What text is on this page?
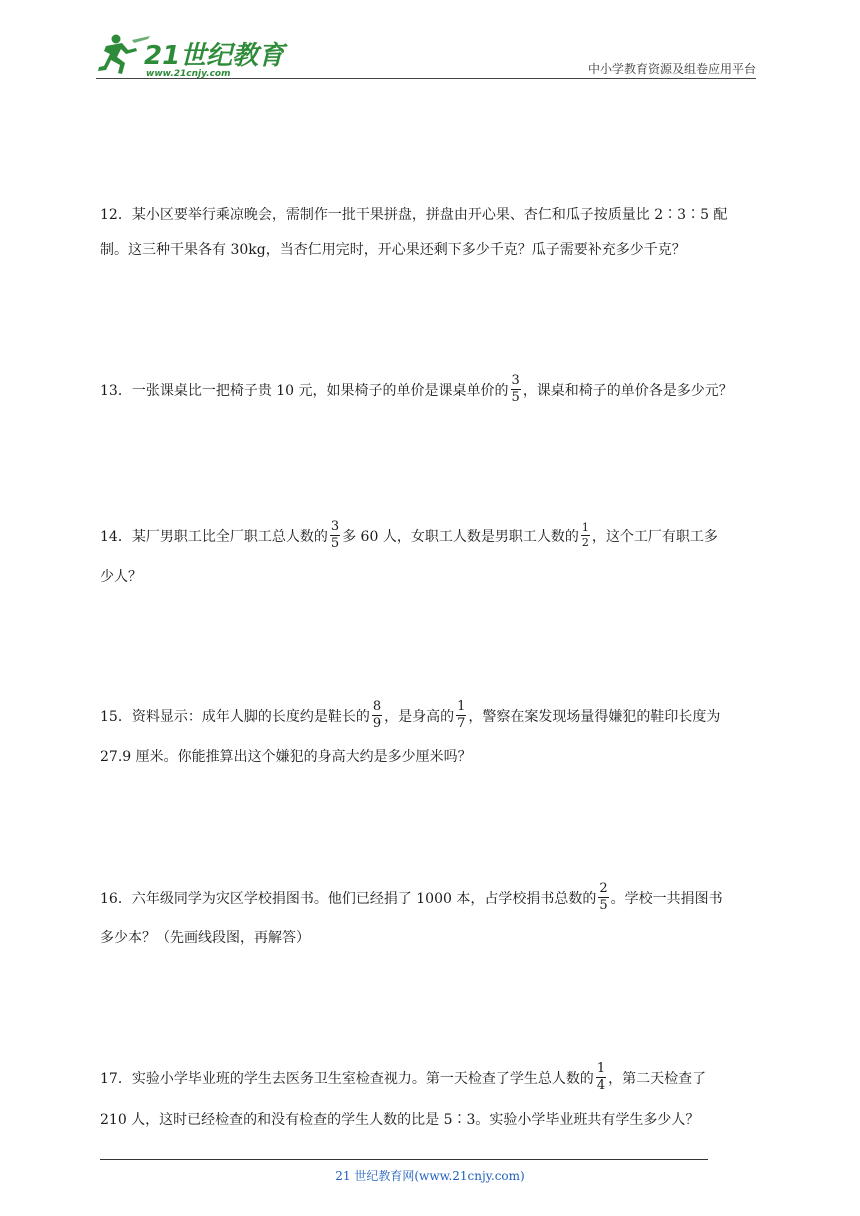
21世纪教育
www.21cnjy.com	中小学教育资源及组卷应用平台
12．某小区要举行乘凉晚会，需制作一批干果拼盘，拼盘由开心果、杏仁和瓜子按质量比 2∶3∶5 配
制。这三种干果各有 30kg，当杏仁用完时，开心果还剩下多少千克？瓜子需要补充多少千克？
13．一张课桌比一把椅子贵 10 元，如果椅子的单价是课桌单价的 $\frac{3}{5}$ ，课桌和椅子的单价各是多少元？
14．某厂男职工比全厂职工总人数的 $\frac{3}{5}$ 多 60 人，女职工人数是男职工人数的 $\frac{1}{2}$ ，这个工厂有职工多
少人？
15．资料显示：成年人脚的长度约是鞋长的 $\frac{8}{9}$ ，是身高的 $\frac{1}{7}$ ，警察在案发现场量得嫌犯的鞋印长度为
27.9 厘米。你能推算出这个嫌犯的身高大约是多少厘米吗？
16．六年级同学为灾区学校捐图书。他们已经捐了 1000 本，占学校捐书总数的 $\frac{2}{5}$ 。学校一共捐图书
多少本？（先画线段图，再解答）
17．实验小学毕业班的学生去医务卫生室检查视力。第一天检查了学生总人数的 $\frac{1}{4}$ ，第二天检查了
210 人，这时已经检查的和没有检查的学生人数的比是 5∶3。实验小学毕业班共有学生多少人？
21 世纪教育网(www.21cnjy.com)
